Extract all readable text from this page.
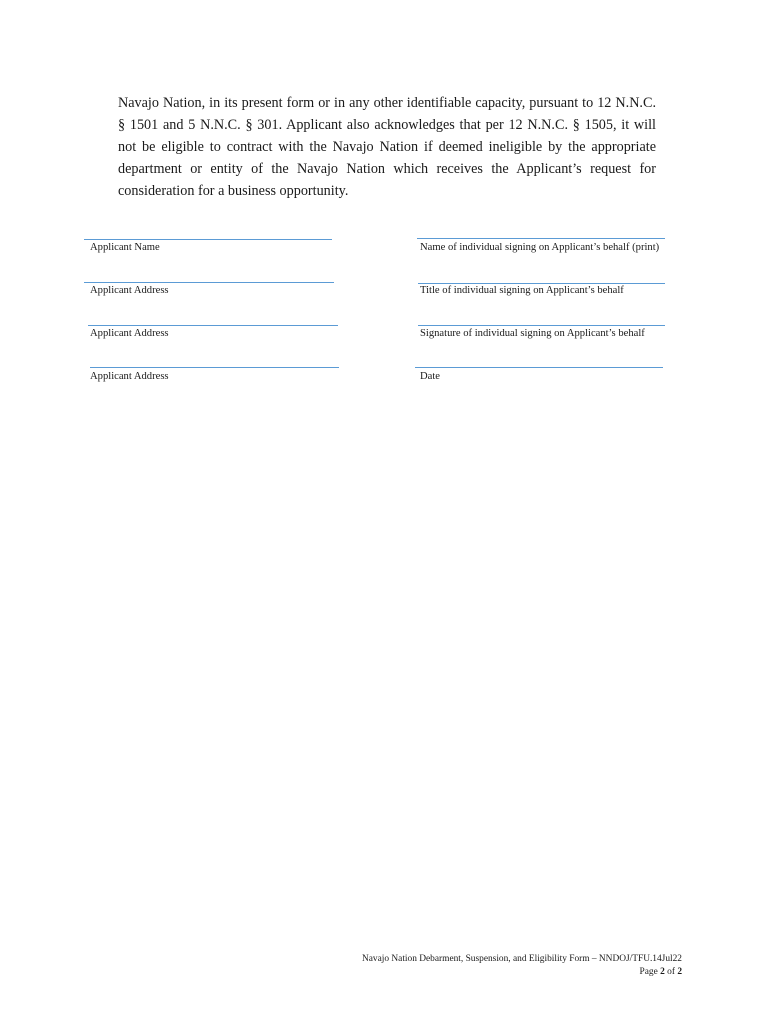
Navajo Nation, in its present form or in any other identifiable capacity, pursuant to 12 N.N.C. § 1501 and 5 N.N.C. § 301. Applicant also acknowledges that per 12 N.N.C. § 1505, it will not be eligible to contract with the Navajo Nation if deemed ineligible by the appropriate department or entity of the Navajo Nation which receives the Applicant’s request for consideration for a business opportunity.

Applicant Name
Applicant Address
Applicant Address
Applicant Address
Name of individual signing on Applicant’s behalf (print)
Title of individual signing on Applicant’s behalf
Signature of individual signing on Applicant’s behalf
Date
Navajo Nation Debarment, Suspension, and Eligibility Form – NNDOJ/TFU.14Jul22
Page 2 of 2
